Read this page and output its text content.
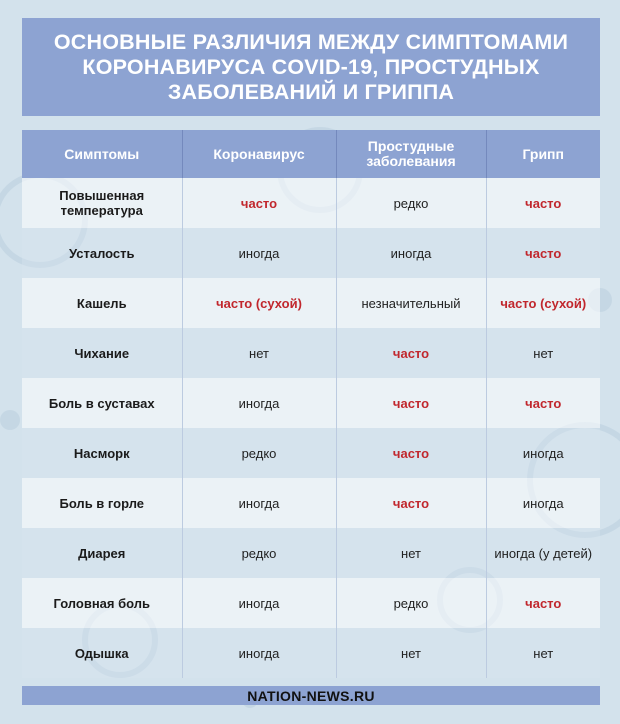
ОСНОВНЫЕ РАЗЛИЧИЯ МЕЖДУ СИМПТОМАМИ
КОРОНАВИРУСА COVID-19, ПРОСТУДНЫХ
ЗАБОЛЕВАНИЙ И ГРИППА
Симптомы	Коронавирус	Простудные заболевания	Грипп
Повышенная температура	часто	редко	часто
Усталость	иногда	иногда	часто
Кашель	часто (сухой)	незначительный	часто (сухой)
Чихание	нет	часто	нет
Боль в суставах	иногда	часто	часто
Насморк	редко	часто	иногда
Боль в горле	иногда	часто	иногда
Диарея	редко	нет	иногда (у детей)
Головная боль	иногда	редко	часто
Одышка	иногда	нет	нет
NATION-NEWS.RU
